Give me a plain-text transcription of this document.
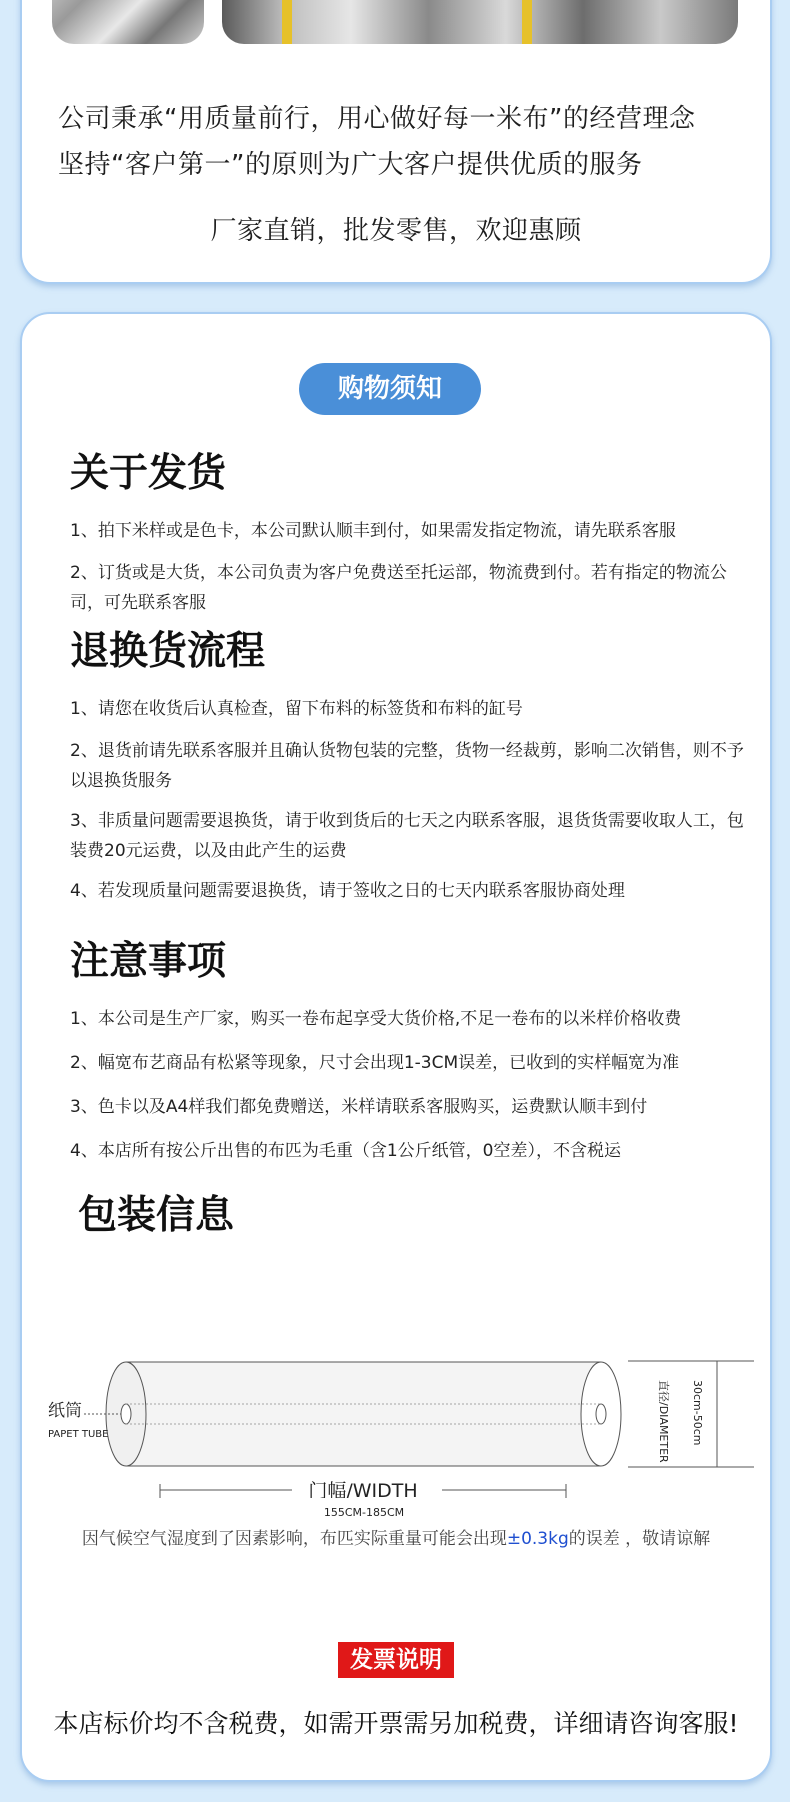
公司秉承“用质量前行，用心做好每一米布”的经营理念
坚持“客户第一”的原则为广大客户提供优质的服务
厂家直销，批发零售，欢迎惠顾
购物须知
关于发货
1、拍下米样或是色卡，本公司默认顺丰到付，如果需发指定物流，请先联系客服
2、订货或是大货，本公司负责为客户免费送至托运部，物流费到付。若有指定的物流公司，可先联系客服
退换货流程
1、请您在收货后认真检查，留下布料的标签货和布料的缸号
2、退货前请先联系客服并且确认货物包装的完整，货物一经裁剪，影响二次销售，则不予以退换货服务
3、非质量问题需要退换货，请于收到货后的七天之内联系客服，退货货需要收取人工，包装费20元运费，以及由此产生的运费
4、若发现质量问题需要退换货，请于签收之日的七天内联系客服协商处理
注意事项
1、本公司是生产厂家，购买一卷布起享受大货价格,不足一卷布的以米样价格收费
2、幅宽布艺商品有松紧等现象，尺寸会出现1-3CM误差，已收到的实样幅宽为准
3、色卡以及A4样我们都免费赠送，米样请联系客服购买，运费默认顺丰到付
4、本店所有按公斤出售的布匹为毛重（含1公斤纸管，0空差），不含税运
包装信息
纸筒
PAPET TUBE	直径/DIAMETER 30cm-50cm
门幅/WIDTH
155CM-185CM
因气候空气湿度到了因素影响，布匹实际重量可能会出现±0.3kg的误差 ，敬请谅解
发票说明
本店标价均不含税费，如需开票需另加税费，详细请咨询客服!
